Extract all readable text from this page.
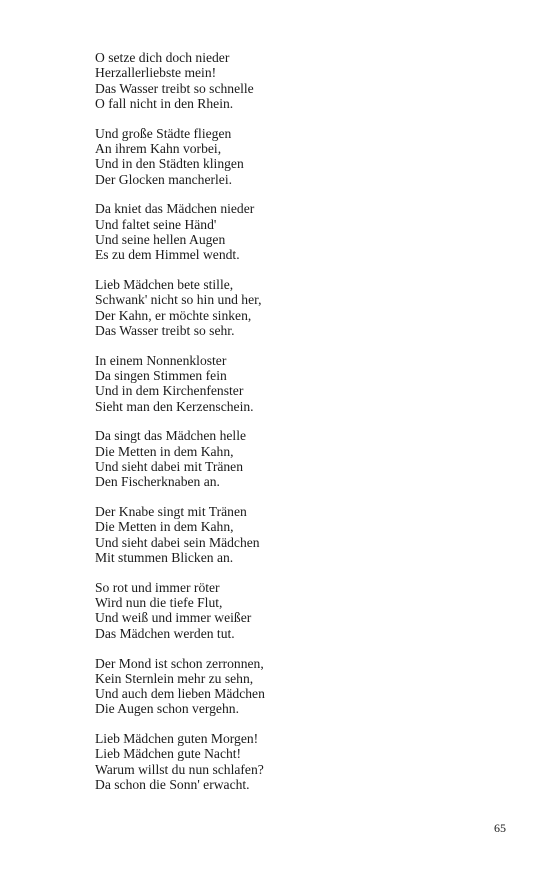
O setze dich doch nieder
Herzallerliebste mein!
Das Wasser treibt so schnelle
O fall nicht in den Rhein.
Und große Städte fliegen
An ihrem Kahn vorbei,
Und in den Städten klingen
Der Glocken mancherlei.
Da kniet das Mädchen nieder
Und faltet seine Händ'
Und seine hellen Augen
Es zu dem Himmel wendt.
Lieb Mädchen bete stille,
Schwank' nicht so hin und her,
Der Kahn, er möchte sinken,
Das Wasser treibt so sehr.
In einem Nonnenkloster
Da singen Stimmen fein
Und in dem Kirchenfenster
Sieht man den Kerzenschein.
Da singt das Mädchen helle
Die Metten in dem Kahn,
Und sieht dabei mit Tränen
Den Fischerknaben an.
Der Knabe singt mit Tränen
Die Metten in dem Kahn,
Und sieht dabei sein Mädchen
Mit stummen Blicken an.
So rot und immer röter
Wird nun die tiefe Flut,
Und weiß und immer weißer
Das Mädchen werden tut.
Der Mond ist schon zerronnen,
Kein Sternlein mehr zu sehn,
Und auch dem lieben Mädchen
Die Augen schon vergehn.
Lieb Mädchen guten Morgen!
Lieb Mädchen gute Nacht!
Warum willst du nun schlafen?
Da schon die Sonn' erwacht.
65
